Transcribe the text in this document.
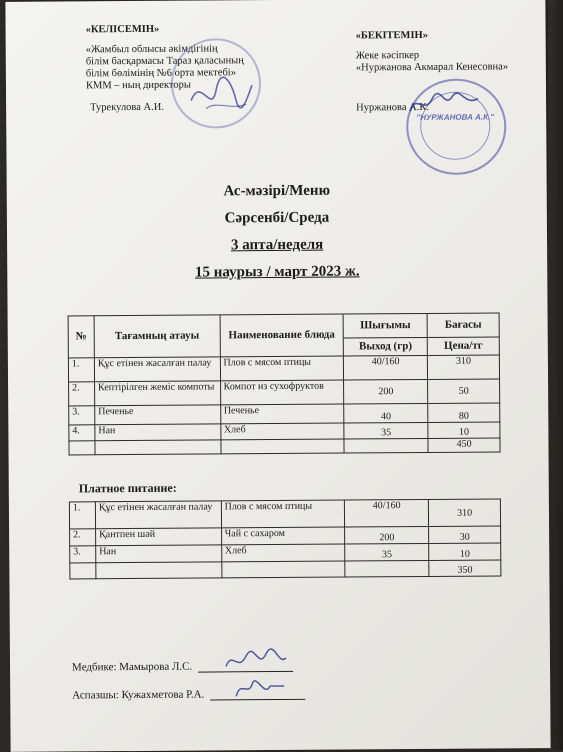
«КЕЛІСЕМІН»
«Жамбыл облысы әкімдігінің
білім басқармасы Тараз қаласының
білім бөлімінің №6 орта мектебі»
КММ – ның директоры
Турекулова А.И.
«БЕКІТЕМІН»
Жеке кәсіпкер
«Нуржанова Акмарал Кенесовна»
Нуржанова А.К.
"НУРЖАНОВА А.К."
Ас-мәзірі/Меню
Сәрсенбі/Среда
3 апта/неделя
15 наурыз / март 2023 ж.
№	Тағамның атауы	Наименование блюда	Шығымы	Бағасы
			Выход (гр)	Цена/тг
1.	Құс етінен жасалған палау	Плов с мясом птицы	40/160	310
2.	Кептірілген жеміс компоты	Компот из сухофруктов	200	50
3.	Печенье	Печенье	40	80
4.	Нан	Хлеб	35	10
				450
Платное питание:
1.	Құс етінен жасалған палау	Плов с мясом птицы	40/160	310
2.	Қантпен шәй	Чай с сахаром	200	30
3.	Нан	Хлеб	35	10
				350
Медбике: Мамырова Л.С.
Аспазшы: Кужахметова Р.А.
